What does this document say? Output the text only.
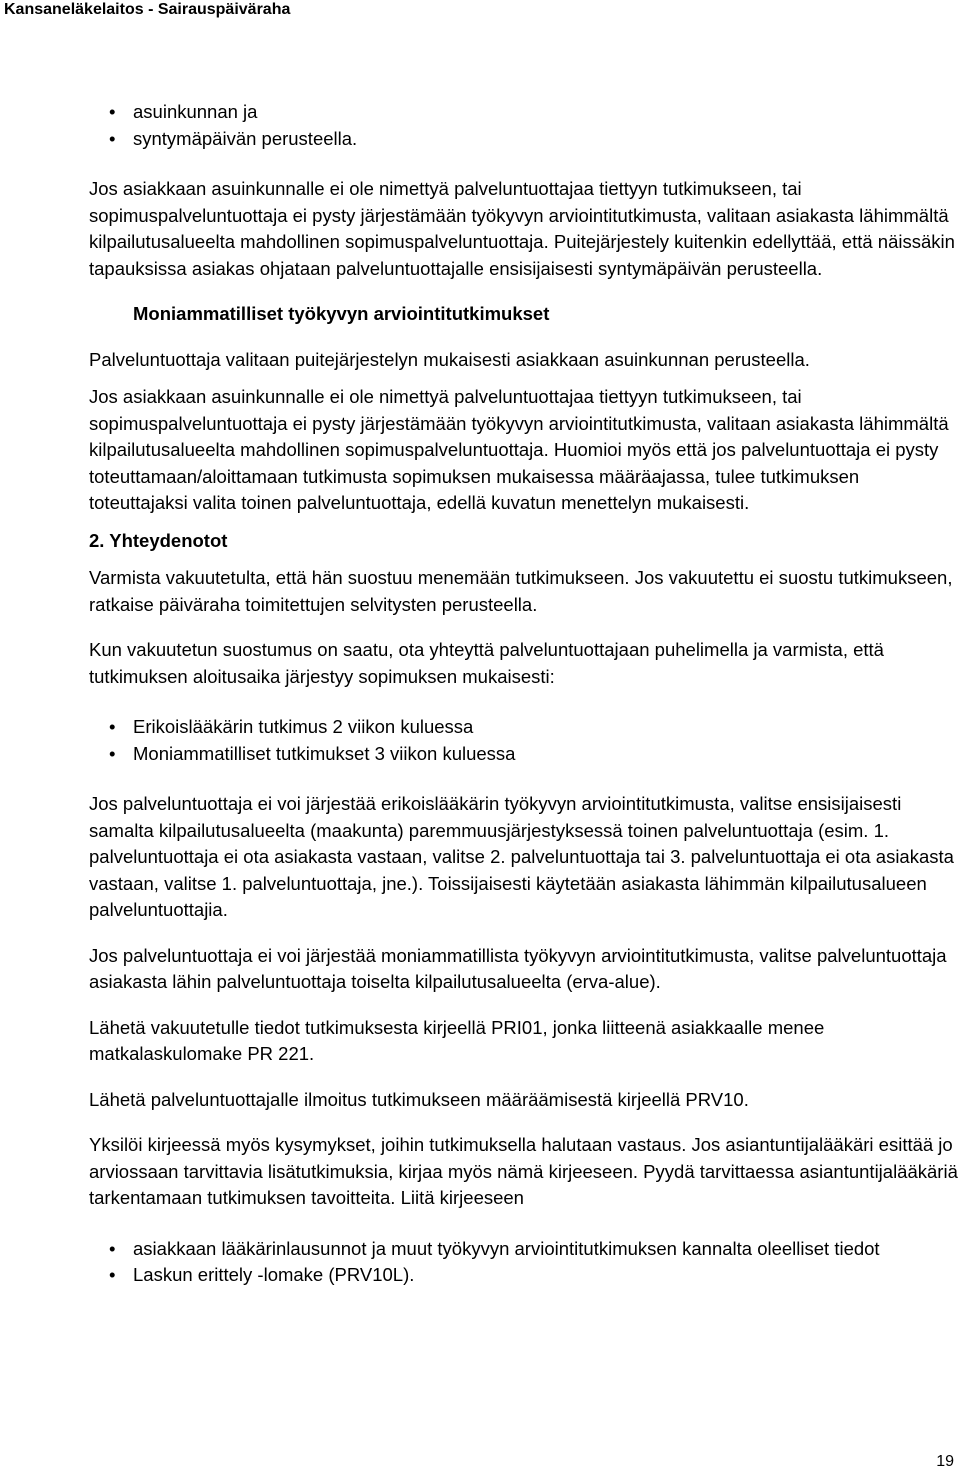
Kansaneläkelaitos - Sairauspäiväraha
• asuinkunnan ja
• syntymäpäivän perusteella.

Jos asiakkaan asuinkunnalle ei ole nimettyä palveluntuottajaa tiettyyn tutkimukseen, tai sopimuspalveluntuottaja ei pysty järjestämään työkyvyn arviointitutkimusta, valitaan asiakasta lähimmältä kilpailutusalueelta mahdollinen sopimuspalveluntuottaja. Puitejärjestely kuitenkin edellyttää, että näissäkin tapauksissa asiakas ohjataan palveluntuottajalle ensisijaisesti syntymäpäivän perusteella.

Moniammatilliset työkyvyn arviointitutkimukset

Palveluntuottaja valitaan puitejärjestelyn mukaisesti asiakkaan asuinkunnan perusteella.

Jos asiakkaan asuinkunnalle ei ole nimettyä palveluntuottajaa tiettyyn tutkimukseen, tai sopimuspalveluntuottaja ei pysty järjestämään työkyvyn arviointitutkimusta, valitaan asiakasta lähimmältä kilpailutusalueelta mahdollinen sopimuspalveluntuottaja. Huomioi myös että jos palveluntuottaja ei pysty toteuttamaan/aloittamaan tutkimusta sopimuksen mukaisessa määräajassa, tulee tutkimuksen toteuttajaksi valita toinen palveluntuottaja, edellä kuvatun menettelyn mukaisesti.

2. Yhteydenotot

Varmista vakuutetulta, että hän suostuu menemään tutkimukseen. Jos vakuutettu ei suostu tutkimukseen, ratkaise päiväraha toimitettujen selvitysten perusteella.

Kun vakuutetun suostumus on saatu, ota yhteyttä palveluntuottajaan puhelimella ja varmista, että tutkimuksen aloitusaika järjestyy sopimuksen mukaisesti:

• Erikoislääkärin tutkimus 2 viikon kuluessa
• Moniammatilliset tutkimukset 3 viikon kuluessa

Jos palveluntuottaja ei voi järjestää erikoislääkärin työkyvyn arviointitutkimusta, valitse ensisijaisesti samalta kilpailutusalueelta (maakunta) paremmuusjärjestyksessä toinen palveluntuottaja (esim. 1. palveluntuottaja ei ota asiakasta vastaan, valitse 2. palveluntuottaja tai 3. palveluntuottaja ei ota asiakasta vastaan, valitse 1. palveluntuottaja, jne.). Toissijaisesti käytetään asiakasta lähimmän kilpailutusalueen palveluntuottajia.

Jos palveluntuottaja ei voi järjestää moniammatillista työkyvyn arviointitutkimusta, valitse palveluntuottaja asiakasta lähin palveluntuottaja toiselta kilpailutusalueelta (erva-alue).

Lähetä vakuutetulle tiedot tutkimuksesta kirjeellä PRI01, jonka liitteenä asiakkaalle menee matkalaskulomake PR 221.

Lähetä palveluntuottajalle ilmoitus tutkimukseen määräämisestä kirjeellä PRV10.

Yksilöi kirjeessä myös kysymykset, joihin tutkimuksella halutaan vastaus. Jos asiantuntijalääkäri esittää jo arviossaan tarvittavia lisätutkimuksia, kirjaa myös nämä kirjeeseen. Pyydä tarvittaessa asiantuntijalääkäriä tarkentamaan tutkimuksen tavoitteita. Liitä kirjeeseen

• asiakkaan lääkärinlausunnot ja muut työkyvyn arviointitutkimuksen kannalta oleelliset tiedot
• Laskun erittely -lomake (PRV10L).
19
